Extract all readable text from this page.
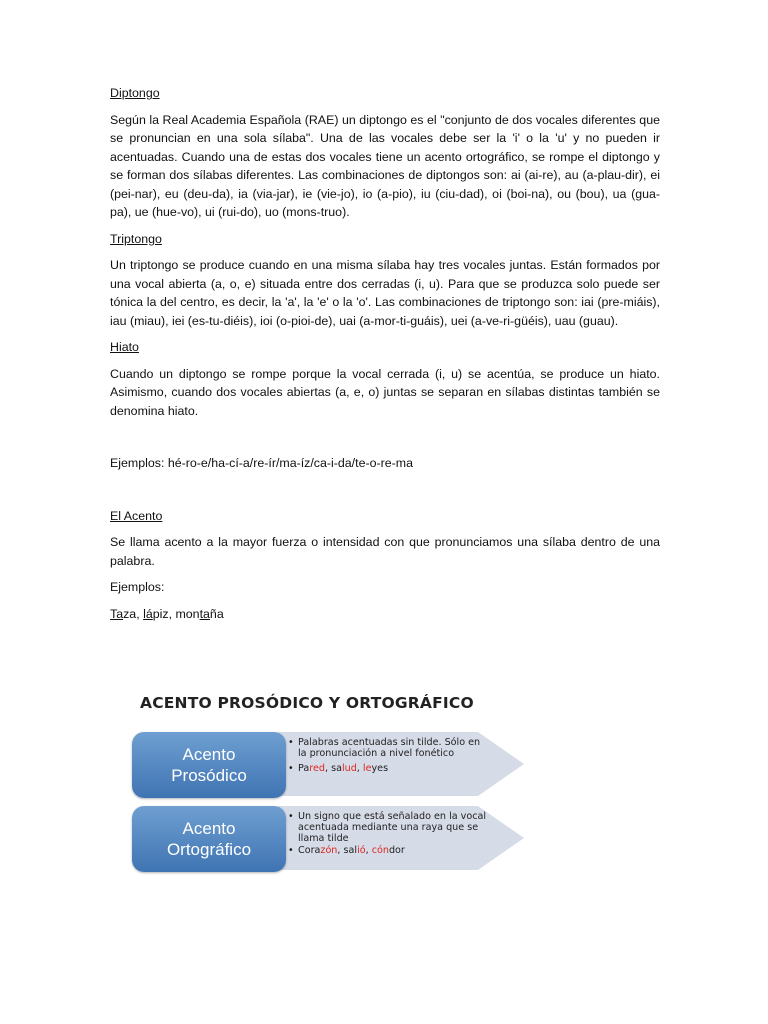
Diptongo

Según la Real Academia Española (RAE) un diptongo es el "conjunto de dos vocales diferentes que se pronuncian en una sola sílaba". Una de las vocales debe ser la 'i' o la 'u' y no pueden ir acentuadas. Cuando una de estas dos vocales tiene un acento ortográfico, se rompe el diptongo y se forman dos sílabas diferentes. Las combinaciones de diptongos son: ai (ai-re), au (a-plau-dir), ei (pei-nar), eu (deu-da), ia (via-jar), ie (vie-jo), io (a-pio), iu (ciu-dad), oi (boi-na), ou (bou), ua (gua-pa), ue (hue-vo), ui (rui-do), uo (mons-truo).

Triptongo

Un triptongo se produce cuando en una misma sílaba hay tres vocales juntas. Están formados por una vocal abierta (a, o, e) situada entre dos cerradas (i, u). Para que se produzca solo puede ser tónica la del centro, es decir, la 'a', la 'e' o la 'o'. Las combinaciones de triptongo son: iai (pre-miáis), iau (miau), iei (es-tu-diéis), ioi (o-pioi-de), uai (a-mor-ti-guáis), uei (a-ve-ri-güéis), uau (guau).

Hiato

Cuando un diptongo se rompe porque la vocal cerrada (i, u) se acentúa, se produce un hiato. Asimismo, cuando dos vocales abiertas (a, e, o) juntas se separan en sílabas distintas también se denomina hiato.

Ejemplos: hé-ro-e/ha-cí-a/re-ír/ma-íz/ca-i-da/te-o-re-ma

El Acento

Se llama acento a la mayor fuerza o intensidad con que pronunciamos una sílaba dentro de una palabra.

Ejemplos:

Taza, lápiz, montaña

ACENTO PROSÓDICO Y ORTOGRÁFICO
Acento
Prosódico
• Palabras acentuadas sin tilde. Sólo en la pronunciación a nivel fonético
• Pared, salud, leyes
Acento
Ortográfico
• Un signo que está señalado en la vocal acentuada mediante una raya que se llama tilde
• Corazón, salió, cóndor
